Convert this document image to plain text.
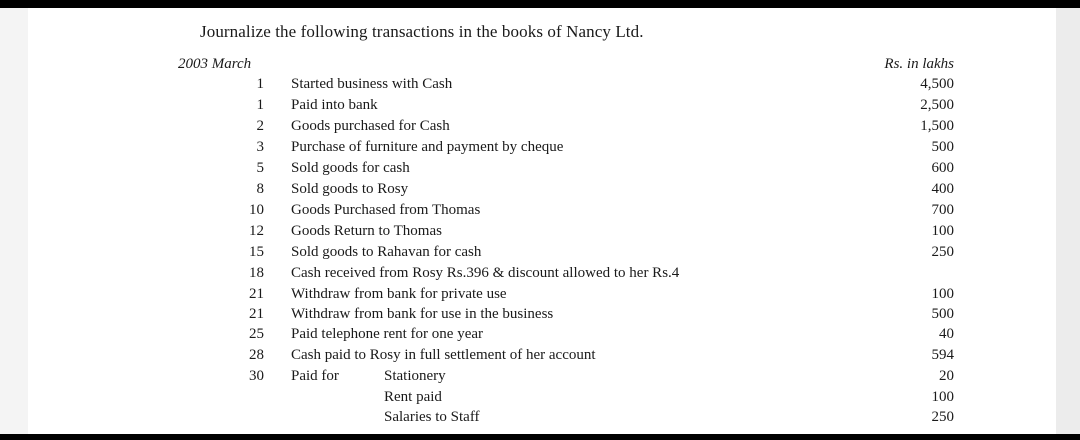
Journalize the following transactions in the books of Nancy Ltd.
2003 March	Rs. in lakhs
1 Started business with Cash	4,500
1 Paid into bank	2,500
2 Goods purchased for Cash	1,500
3 Purchase of furniture and payment by cheque	500
5 Sold goods for cash	600
8 Sold goods to Rosy	400
10 Goods Purchased from Thomas	700
12 Goods Return to Thomas	100
15 Sold goods to Rahavan for cash	250
18 Cash received from Rosy Rs.396 & discount allowed to her Rs.4
21 Withdraw from bank for private use	100
21 Withdraw from bank for use in the business	500
25 Paid telephone rent for one year	40
28 Cash paid to Rosy in full settlement of her account	594
30 Paid for	Stationery	20
Rent paid	100
Salaries to Staff	250
